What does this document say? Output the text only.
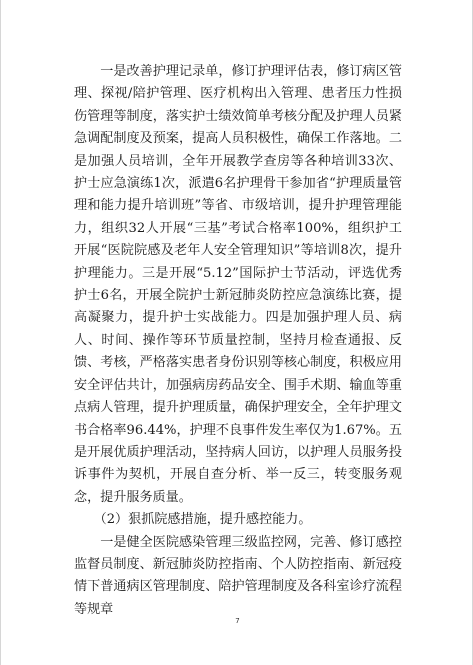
　　一是改善护理记录单，修订护理评估表，修订病区管理、探视/陪护管理、医疗机构出入管理、患者压力性损伤管理等制度，落实护士绩效简单考核分配及护理人员紧急调配制度及预案，提高人员积极性，确保工作落地。二是加强人员培训，全年开展教学查房等各种培训33次、护士应急演练1次，派遣6名护理骨干参加省“护理质量管理和能力提升培训班”等省、市级培训，提升护理管理能力，组织32人开展“三基”考试合格率100%，组织护工开展“医院院感及老年人安全管理知识”等培训8次，提升护理能力。三是开展“5.12”国际护士节活动，评选优秀护士6名，开展全院护士新冠肺炎防控应急演练比赛，提高凝聚力，提升护士实战能力。四是加强护理人员、病人、时间、操作等环节质量控制，坚持月检查通报、反馈、考核，严格落实患者身份识别等核心制度，积极应用安全评估共计，加强病房药品安全、围手术期、输血等重点病人管理，提升护理质量，确保护理安全，全年护理文书合格率96.44%，护理不良事件发生率仅为1.67%。五是开展优质护理活动，坚持病人回访，以护理人员服务投诉事件为契机，开展自查分析、举一反三，转变服务观念，提升服务质量。

　　（2）狠抓院感措施，提升感控能力。

　　一是健全医院感染管理三级监控网，完善、修订感控监督员制度、新冠肺炎防控指南、个人防控指南、新冠疫情下普通病区管理制度、陪护管理制度及各科室诊疗流程等规章

7
